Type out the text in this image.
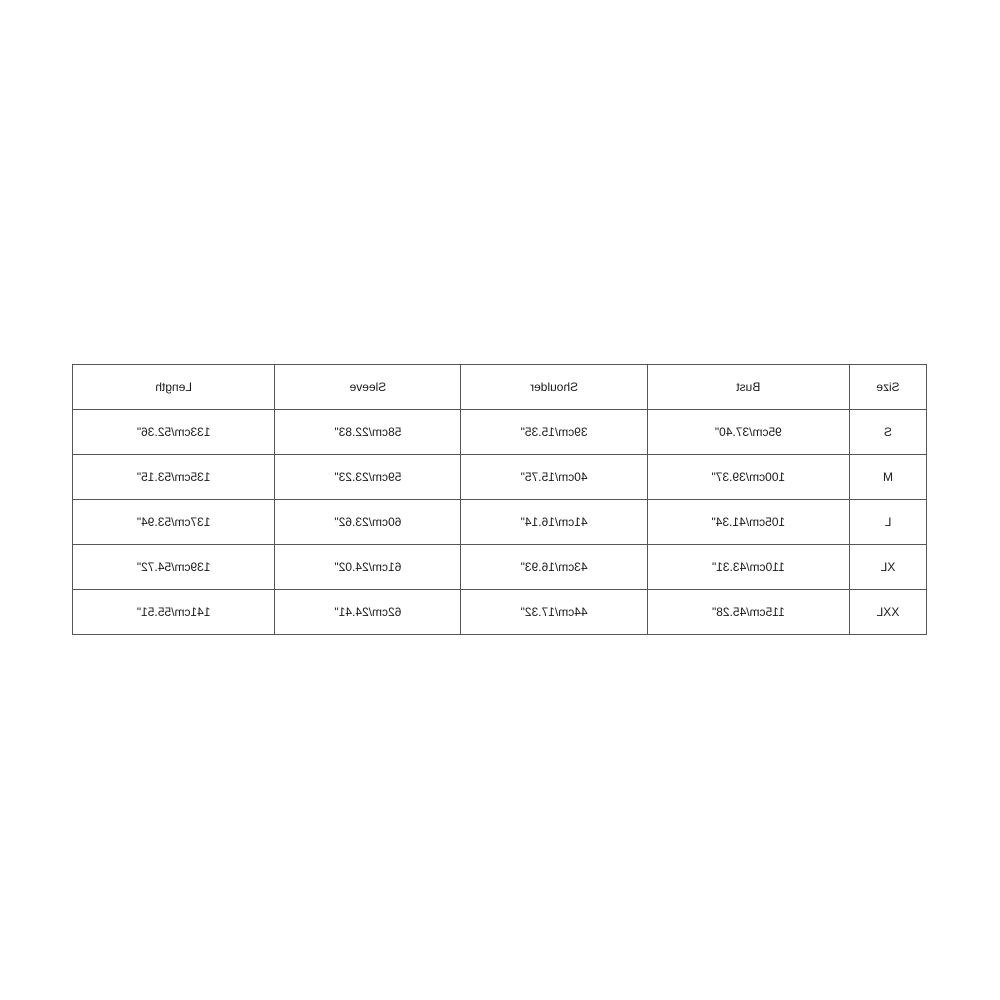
Size	Bust	Shoulder	Sleeve	Length
S	95cm/37.40"	39cm/15.35"	58cm/22.83"	133cm/52.36"
M	100cm/39.37"	40cm/15.75"	59cm/23.23"	135cm/53.15"
L	105cm/41.34"	41cm/16.14"	60cm/23.62"	137cm/53.94"
XL	110cm/43.31"	43cm/16.93"	61cm/24.02"	139cm/54.72"
XXL	115cm/45.28"	44cm/17.32"	62cm/24.41"	141cm/55.51"
